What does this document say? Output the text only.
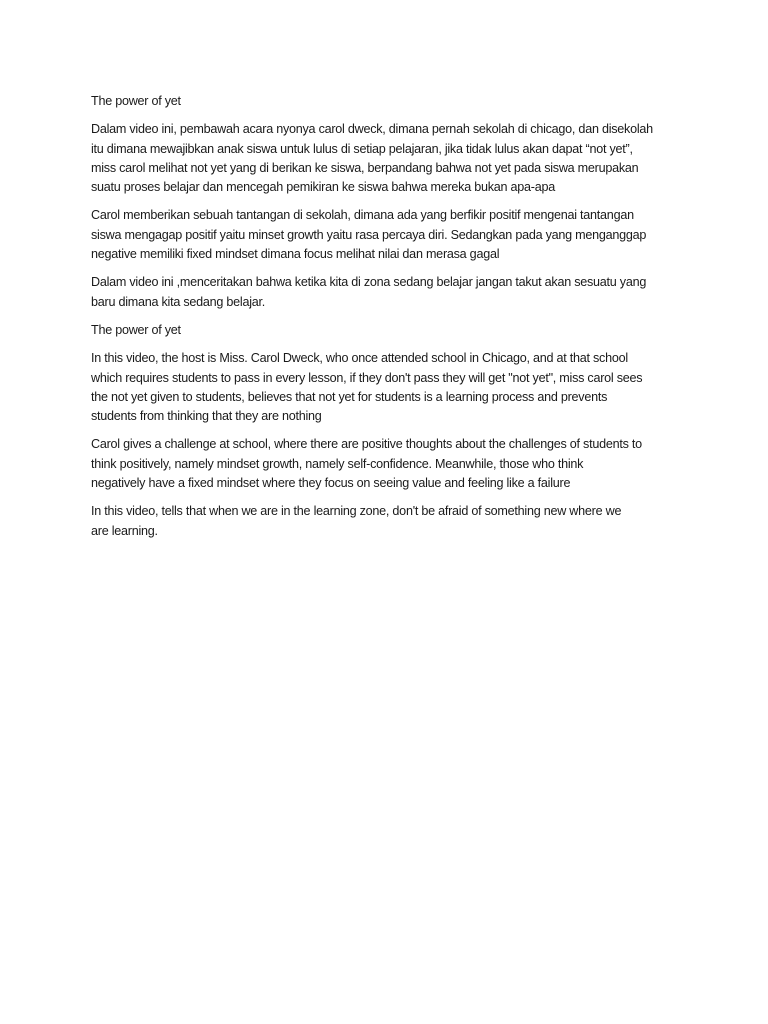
The power of yet

Dalam video ini, pembawah acara nyonya carol dweck, dimana pernah sekolah di chicago, dan disekolah
itu dimana mewajibkan anak siswa untuk lulus di setiap pelajaran, jika tidak lulus akan dapat “not yet”,
miss carol melihat not yet yang di berikan ke siswa, berpandang bahwa not yet pada siswa merupakan
suatu proses belajar dan mencegah pemikiran ke siswa bahwa mereka bukan apa-apa

Carol memberikan sebuah tantangan di sekolah, dimana ada yang berfikir positif mengenai tantangan
siswa mengagap positif yaitu minset growth yaitu rasa percaya diri. Sedangkan pada yang menganggap
negative memiliki fixed mindset dimana focus melihat nilai dan merasa gagal

Dalam video ini ,menceritakan bahwa ketika kita di zona sedang belajar jangan takut akan sesuatu yang
baru dimana kita sedang belajar.

The power of yet

In this video, the host is Miss. Carol Dweck, who once attended school in Chicago, and at that school
which requires students to pass in every lesson, if they don't pass they will get "not yet", miss carol sees
the not yet given to students, believes that not yet for students is a learning process and prevents
students from thinking that they are nothing

Carol gives a challenge at school, where there are positive thoughts about the challenges of students to
think positively, namely mindset growth, namely self-confidence. Meanwhile, those who think
negatively have a fixed mindset where they focus on seeing value and feeling like a failure

In this video, tells that when we are in the learning zone, don't be afraid of something new where we
are learning.
